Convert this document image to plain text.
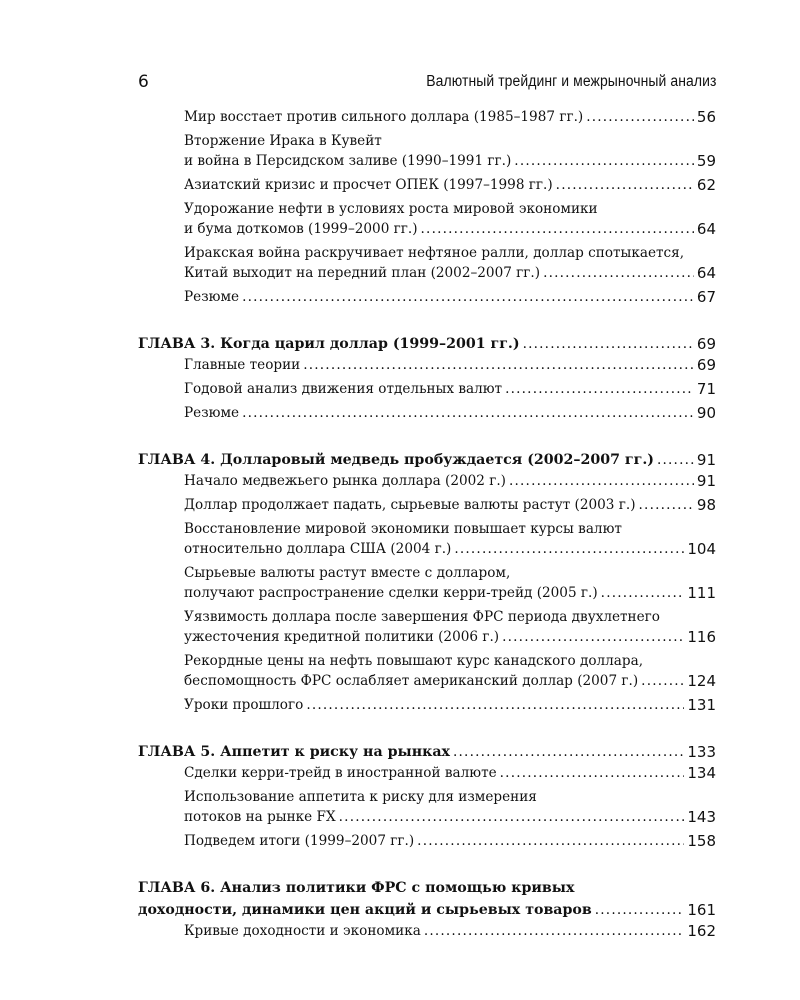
6	Валютный трейдинг и межрыночный анализ
Мир восстает против сильного доллара (1985–1987 гг.) .....	56
Вторжение Ирака в Кувейт
и война в Персидском заливе (1990–1991 гг.) .....	59
Азиатский кризис и просчет ОПЕК (1997–1998 гг.) .....	62
Удорожание нефти в условиях роста мировой экономики
и бума доткомов (1999–2000 гг.) .....	64
Иракская война раскручивает нефтяное ралли, доллар спотыкается,
Китай выходит на передний план (2002–2007 гг.) .....	64
Резюме .....	67
ГЛАВА 3. Когда царил доллар (1999–2001 гг.) .....	69
Главные теории .....	69
Годовой анализ движения отдельных валют .....	71
Резюме .....	90
ГЛАВА 4. Долларовый медведь пробуждается (2002–2007 гг.) .....	91
Начало медвежьего рынка доллара (2002 г.) .....	91
Доллар продолжает падать, сырьевые валюты растут (2003 г.) .....	98
Восстановление мировой экономики повышает курсы валют
относительно доллара США (2004 г.) .....	104
Сырьевые валюты растут вместе с долларом,
получают распространение сделки керри-трейд (2005 г.) .....	111
Уязвимость доллара после завершения ФРС периода двухлетнего
ужесточения кредитной политики (2006 г.) .....	116
Рекордные цены на нефть повышают курс канадского доллара,
беспомощность ФРС ослабляет американский доллар (2007 г.) .....	124
Уроки прошлого .....	131
ГЛАВА 5. Аппетит к риску на рынках .....	133
Сделки керри-трейд в иностранной валюте .....	134
Использование аппетита к риску для измерения
потоков на рынке FX .....	143
Подведем итоги (1999–2007 гг.) .....	158
ГЛАВА 6. Анализ политики ФРС с помощью кривых
доходности, динамики цен акций и сырьевых товаров .....	161
Кривые доходности и экономика .....	162
